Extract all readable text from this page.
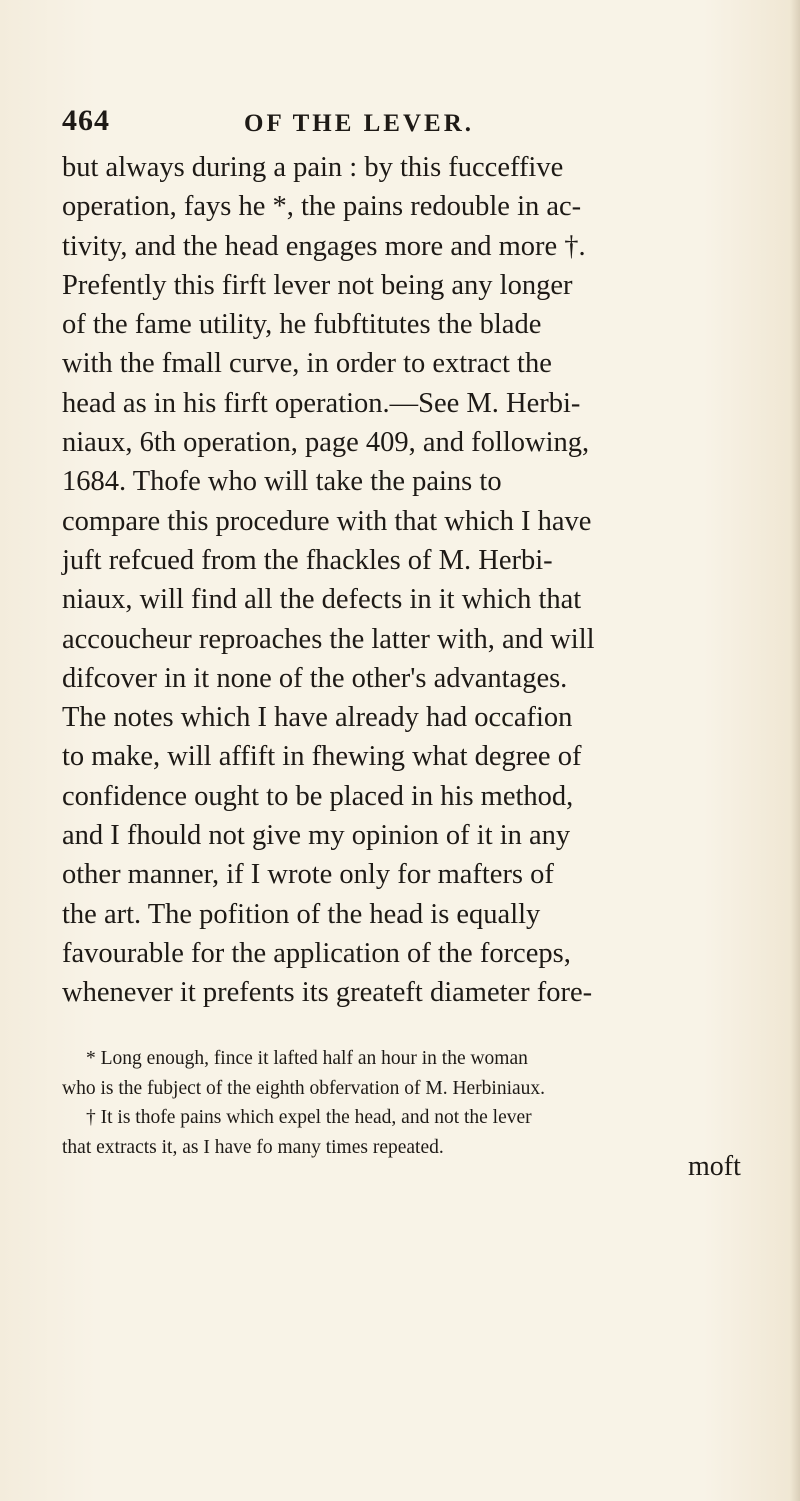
464	OF THE LEVER.
but always during a pain : by this fucceffive
operation, fays he *, the pains redouble in ac-
tivity, and the head engages more and more †.
Prefently this firft lever not being any longer
of the fame utility, he fubftitutes the blade
with the fmall curve, in order to extract the
head as in his firft operation.—See M. Herbi-
niaux, 6th operation, page 409, and following,
1684. Thofe who will take the pains to
compare this procedure with that which I have
juft refcued from the fhackles of M. Herbi-
niaux, will find all the defects in it which that
accoucheur reproaches the latter with, and will
difcover in it none of the other's advantages.
The notes which I have already had occafion
to make, will affift in fhewing what degree of
confidence ought to be placed in his method,
and I fhould not give my opinion of it in any
other manner, if I wrote only for mafters of
the art. The pofition of the head is equally
favourable for the application of the forceps,
whenever it prefents its greateft diameter fore-
* Long enough, fince it lafted half an hour in the woman
who is the fubject of the eighth obfervation of M. Herbiniaux.
† It is thofe pains which expel the head, and not the lever
that extracts it, as I have fo many times repeated.
moft
